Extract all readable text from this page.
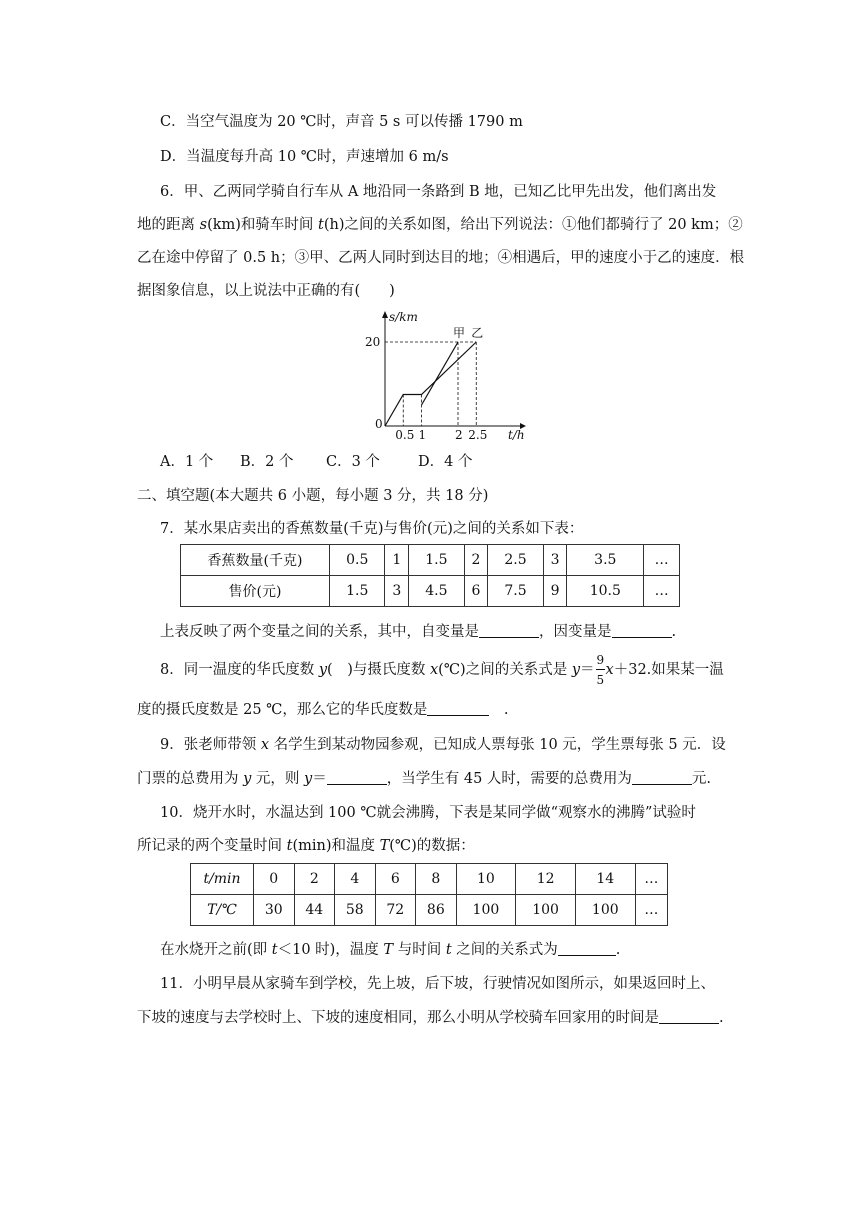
C．当空气温度为 20 ℃时，声音 5 s 可以传播 1790 m
D．当温度每升高 10 ℃时，声速增加 6 m/s
6．甲、乙两同学骑自行车从 A 地沿同一条路到 B 地，已知乙比甲先出发，他们离出发
地的距离 s(km)和骑车时间 t(h)之间的关系如图，给出下列说法：①他们都骑行了 20 km；②
乙在途中停留了 0.5 h；③甲、乙两人同时到达目的地；④相遇后，甲的速度小于乙的速度．根
据图象信息，以上说法中正确的有(　　)
s/km
t/h
0
0.5 1 2 2.5
20
甲 乙
A．1 个 B．2 个 C．3 个	D．4 个
二、填空题(本大题共 6 小题，每小题 3 分，共 18 分)
7．某水果店卖出的香蕉数量(千克)与售价(元)之间的关系如下表：
香蕉数量(千克)	0.5	1	1.5	2	2.5	3	3.5	…
售价(元)	1.5	3	4.5	6	7.5	9	10.5	…
上表反映了两个变量之间的关系，其中，自变量是	，因变量是	.
8．同一温度的华氏度数 y(　)与摄氏度数 x(℃)之间的关系式是 $y= \frac{9}{5} x+32$.如果某一温
度的摄氏度数是 25 ℃，那么它的华氏度数是	　.
9．张老师带领 x 名学生到某动物园参观，已知成人票每张 10 元，学生票每张 5 元．设
门票的总费用为 y 元，则 y＝	，当学生有 45 人时，需要的总费用为	元.
10．烧开水时，水温达到 100 ℃就会沸腾，下表是某同学做“观察水的沸腾”试验时
所记录的两个变量时间 t(min)和温度 T(℃)的数据：
t/min	0	2	4	6	8	10	12	14	…
T/℃	30	44	58	72	86	100	100	100	…
在水烧开之前(即 t＜10 时)，温度 T 与时间 t 之间的关系式为	.
11．小明早晨从家骑车到学校，先上坡，后下坡，行驶情况如图所示，如果返回时上、
下坡的速度与去学校时上、下坡的速度相同，那么小明从学校骑车回家用的时间是	.
